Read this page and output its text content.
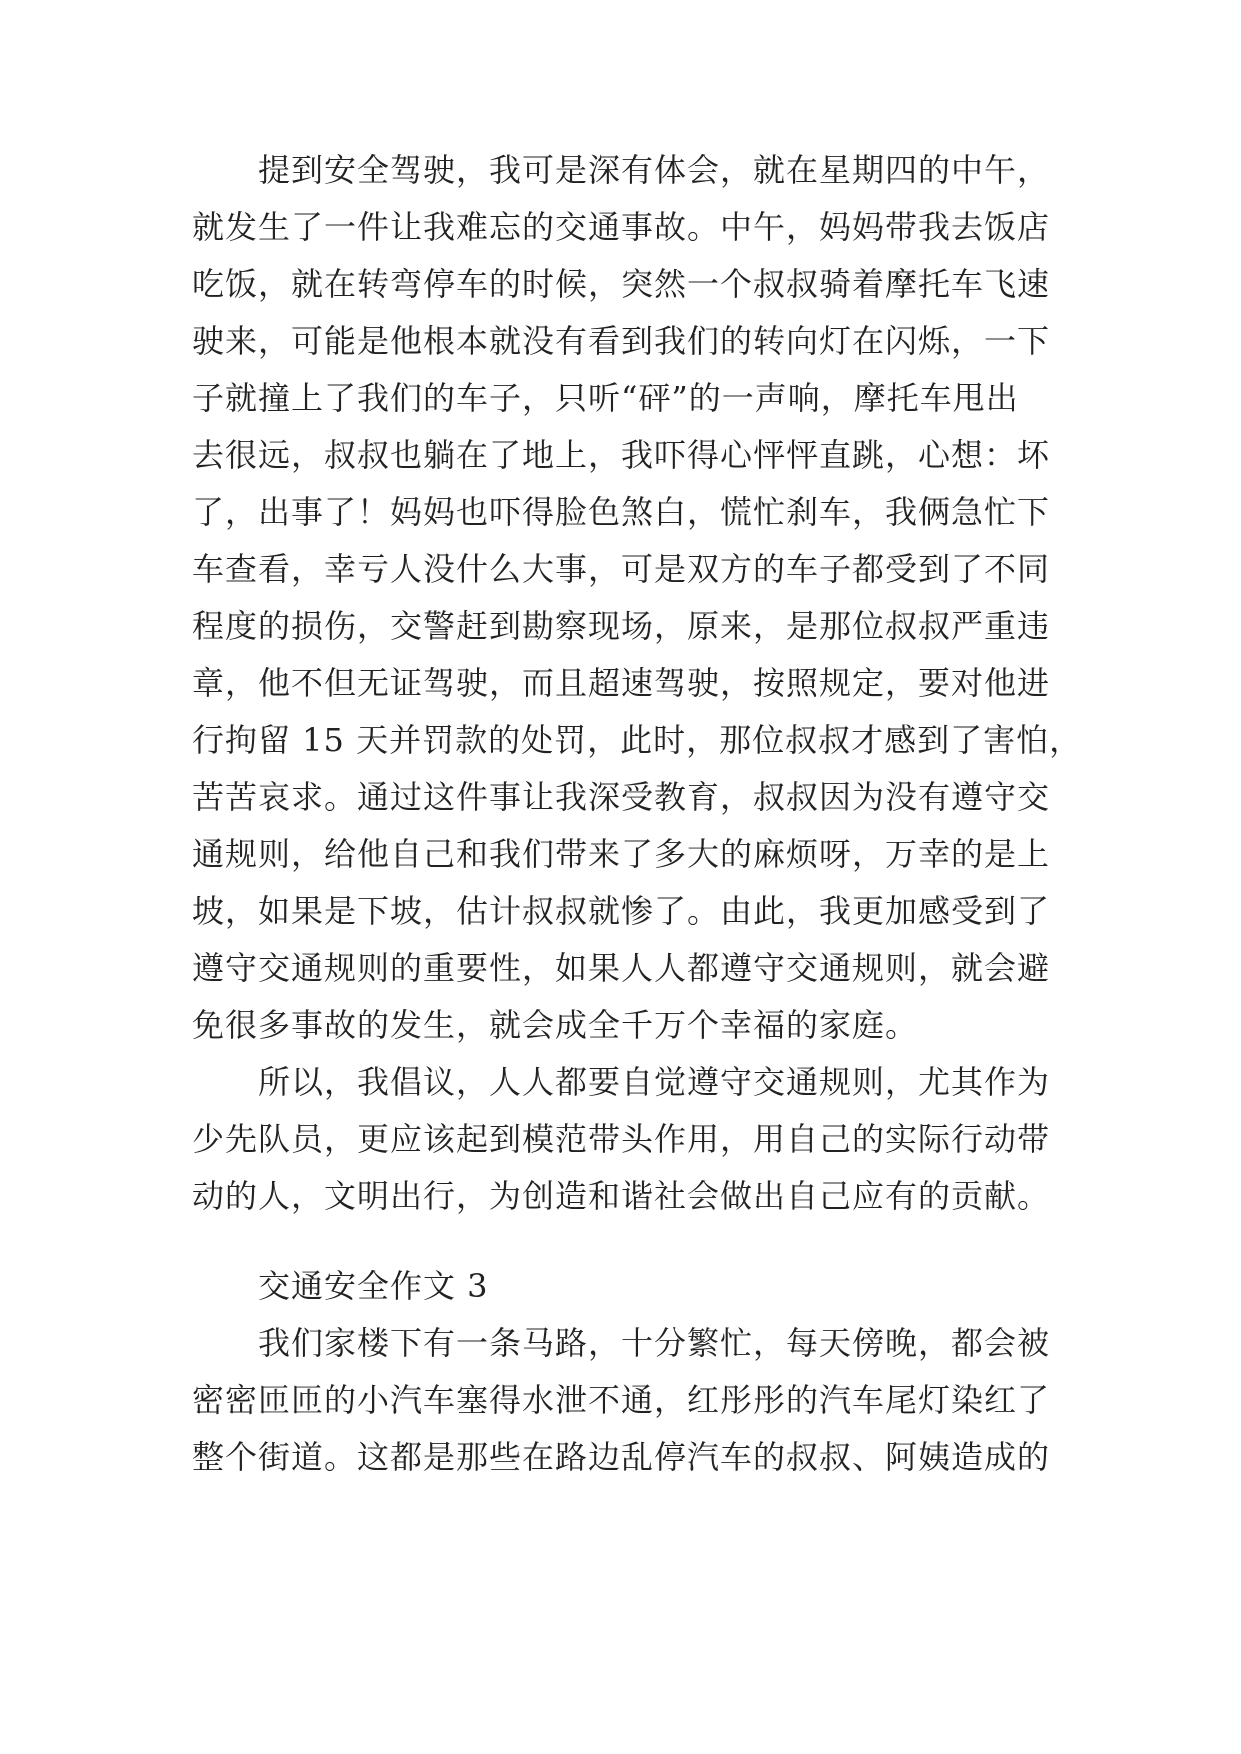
　　提到安全驾驶，我可是深有体会，就在星期四的中午，
就发生了一件让我难忘的交通事故。中午，妈妈带我去饭店
吃饭，就在转弯停车的时候，突然一个叔叔骑着摩托车飞速
驶来，可能是他根本就没有看到我们的转向灯在闪烁，一下
子就撞上了我们的车子，只听“砰”的一声响，摩托车甩出
去很远，叔叔也躺在了地上，我吓得心怦怦直跳，心想：坏
了，出事了！妈妈也吓得脸色煞白，慌忙刹车，我俩急忙下
车查看，幸亏人没什么大事，可是双方的车子都受到了不同
程度的损伤，交警赶到勘察现场，原来，是那位叔叔严重违
章，他不但无证驾驶，而且超速驾驶，按照规定，要对他进
行拘留 15 天并罚款的处罚，此时，那位叔叔才感到了害怕，
苦苦哀求。通过这件事让我深受教育，叔叔因为没有遵守交
通规则，给他自己和我们带来了多大的麻烦呀，万幸的是上
坡，如果是下坡，估计叔叔就惨了。由此，我更加感受到了
遵守交通规则的重要性，如果人人都遵守交通规则，就会避
免很多事故的发生，就会成全千万个幸福的家庭。
　　所以，我倡议，人人都要自觉遵守交通规则，尤其作为
少先队员，更应该起到模范带头作用，用自己的实际行动带
动的人，文明出行，为创造和谐社会做出自己应有的贡献。
　　交通安全作文 3
　　我们家楼下有一条马路，十分繁忙，每天傍晚，都会被
密密匝匝的小汽车塞得水泄不通，红彤彤的汽车尾灯染红了
整个街道。这都是那些在路边乱停汽车的叔叔、阿姨造成的
